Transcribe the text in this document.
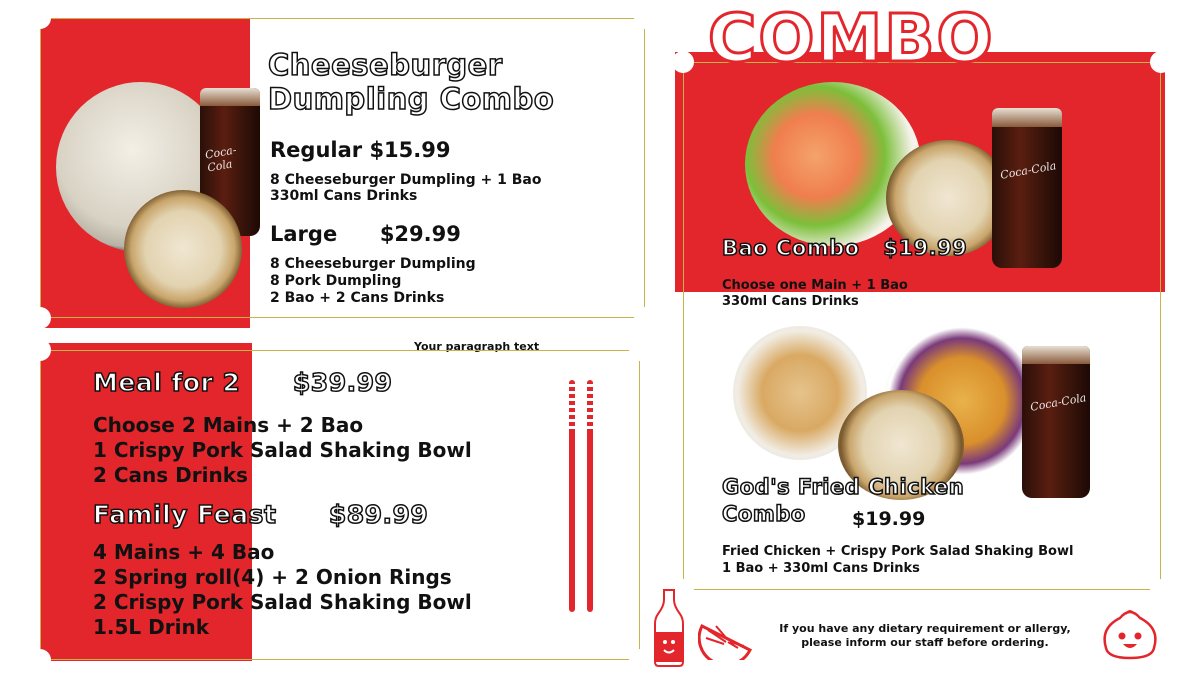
Coca-Cola
Cheeseburger
Dumpling Combo
Regular $15.99
8 Cheeseburger Dumpling + 1 Bao
330ml Cans Drinks
Large $29.99
8 Cheeseburger Dumpling
8 Pork Dumpling
2 Bao + 2 Cans Drinks
Your paragraph text
Meal for 2 $39.99
Choose 2 Mains + 2 Bao
1 Crispy Pork Salad Shaking Bowl
2 Cans Drinks
Family Feast $89.99
4 Mains + 4 Bao
2 Spring roll(4) + 2 Onion Rings
2 Crispy Pork Salad Shaking Bowl
1.5L Drink
COMBO
Coca-Cola
Bao Combo $19.99
Choose one Main + 1 Bao
330ml Cans Drinks
Coca-Cola
God's Fried Chicken
Combo	$19.99
Fried Chicken + Crispy Pork Salad Shaking Bowl
1 Bao + 330ml Cans Drinks
If you have any dietary requirement or allergy,
please inform our staff before ordering.
